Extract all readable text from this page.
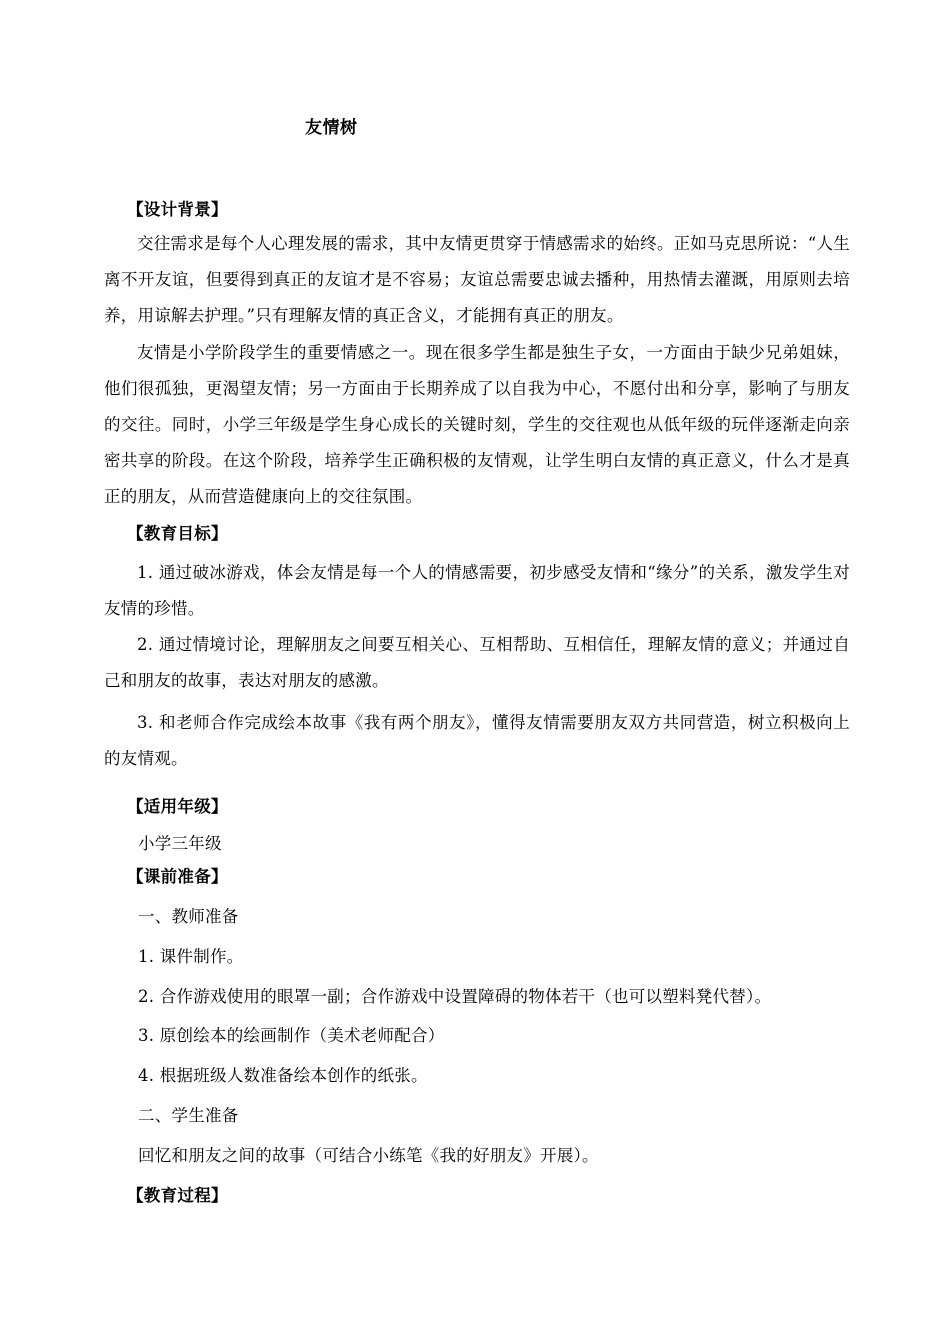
友情树
【设计背景】

交往需求是每个人心理发展的需求，其中友情更贯穿于情感需求的始终。正如马克思所说：“人生离不开友谊，但要得到真正的友谊才是不容易；友谊总需要忠诚去播种，用热情去灌溉，用原则去培养，用谅解去护理。”只有理解友情的真正含义，才能拥有真正的朋友。

友情是小学阶段学生的重要情感之一。现在很多学生都是独生子女，一方面由于缺少兄弟姐妹，他们很孤独，更渴望友情；另一方面由于长期养成了以自我为中心，不愿付出和分享，影响了与朋友的交往。同时，小学三年级是学生身心成长的关键时刻，学生的交往观也从低年级的玩伴逐渐走向亲密共享的阶段。在这个阶段，培养学生正确积极的友情观，让学生明白友情的真正意义，什么才是真正的朋友，从而营造健康向上的交往氛围。

【教育目标】

1. 通过破冰游戏，体会友情是每一个人的情感需要，初步感受友情和“缘分”的关系，激发学生对友情的珍惜。

2. 通过情境讨论，理解朋友之间要互相关心、互相帮助、互相信任，理解友情的意义；并通过自己和朋友的故事，表达对朋友的感激。

3. 和老师合作完成绘本故事《我有两个朋友》，懂得友情需要朋友双方共同营造，树立积极向上的友情观。

【适用年级】
小学三年级
【课前准备】
一、教师准备
1. 课件制作。
2. 合作游戏使用的眼罩一副；合作游戏中设置障碍的物体若干（也可以塑料凳代替）。
3. 原创绘本的绘画制作（美术老师配合）
4. 根据班级人数准备绘本创作的纸张。
二、学生准备
回忆和朋友之间的故事（可结合小练笔《我的好朋友》开展）。
【教育过程】
